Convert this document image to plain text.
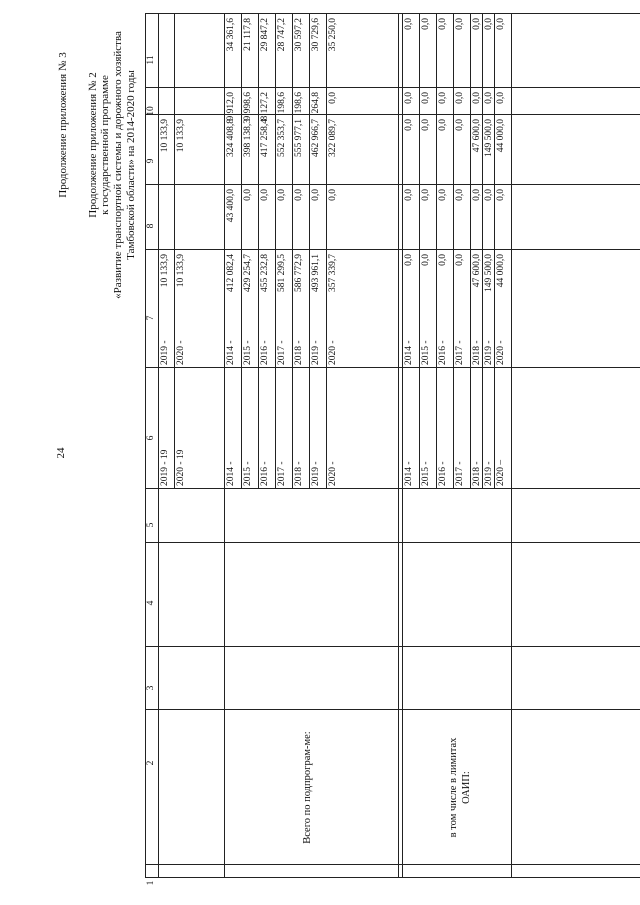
24
Продолжение приложения № 3 Продолжение приложения № 2 к государственной программе «Развитие транспортной системы и дорожного хозяйства Тамбовской области» на 2014-2020 годы
1
2
3
4
5
6
7
8
9
10
11
2019 - 19
2019 -
10 133,9
10 133,9
2020 - 19
2020 -
10 133,9
10 133,9
2014 -
2014 -
412 082,4
43 400,0
324 408,8
9 912,0
34 361,6
2015 -
2015 -
429 254,7
0,0
398 138,3
9 998,6
21 117,8
2016 -
2016 -
455 232,8
0,0
417 258,4
8 127,2
29 847,2
2017 -
2017 -
581 299,5
0,0
552 353,7
198,6
28 747,2
2018 -
2018 -
586 772,9
0,0
555 977,1
198,6
30 597,2
2019 -
2019 -
493 961,1
0,0
462 966,7
264,8
30 729,6
2020 -
2020 -
357 339,7
0,0
322 089,7
0,0
35 250,0
Всего по подпрограм-ме:
2014 -
2014 -
0,0
0,0
0,0
0,0
0,0
2015 -
2015 -
0,0
0,0
0,0
0,0
0,0
2016 -
2016 -
0,0
0,0
0,0
0,0
0,0
2017 -
2017 -
0,0
0,0
0,0
0,0
0,0
2018 -
2018 -
47 600,0
0,0
47 600,0
0,0
0,0
2019 -
2019 -
149 500,0
0,0
149 500,0
0,0
0,0
2020 –
2020 -
44 000,0
0,0
44 000,0
0,0
0,0
в том числе в лимитах ОАИП:
